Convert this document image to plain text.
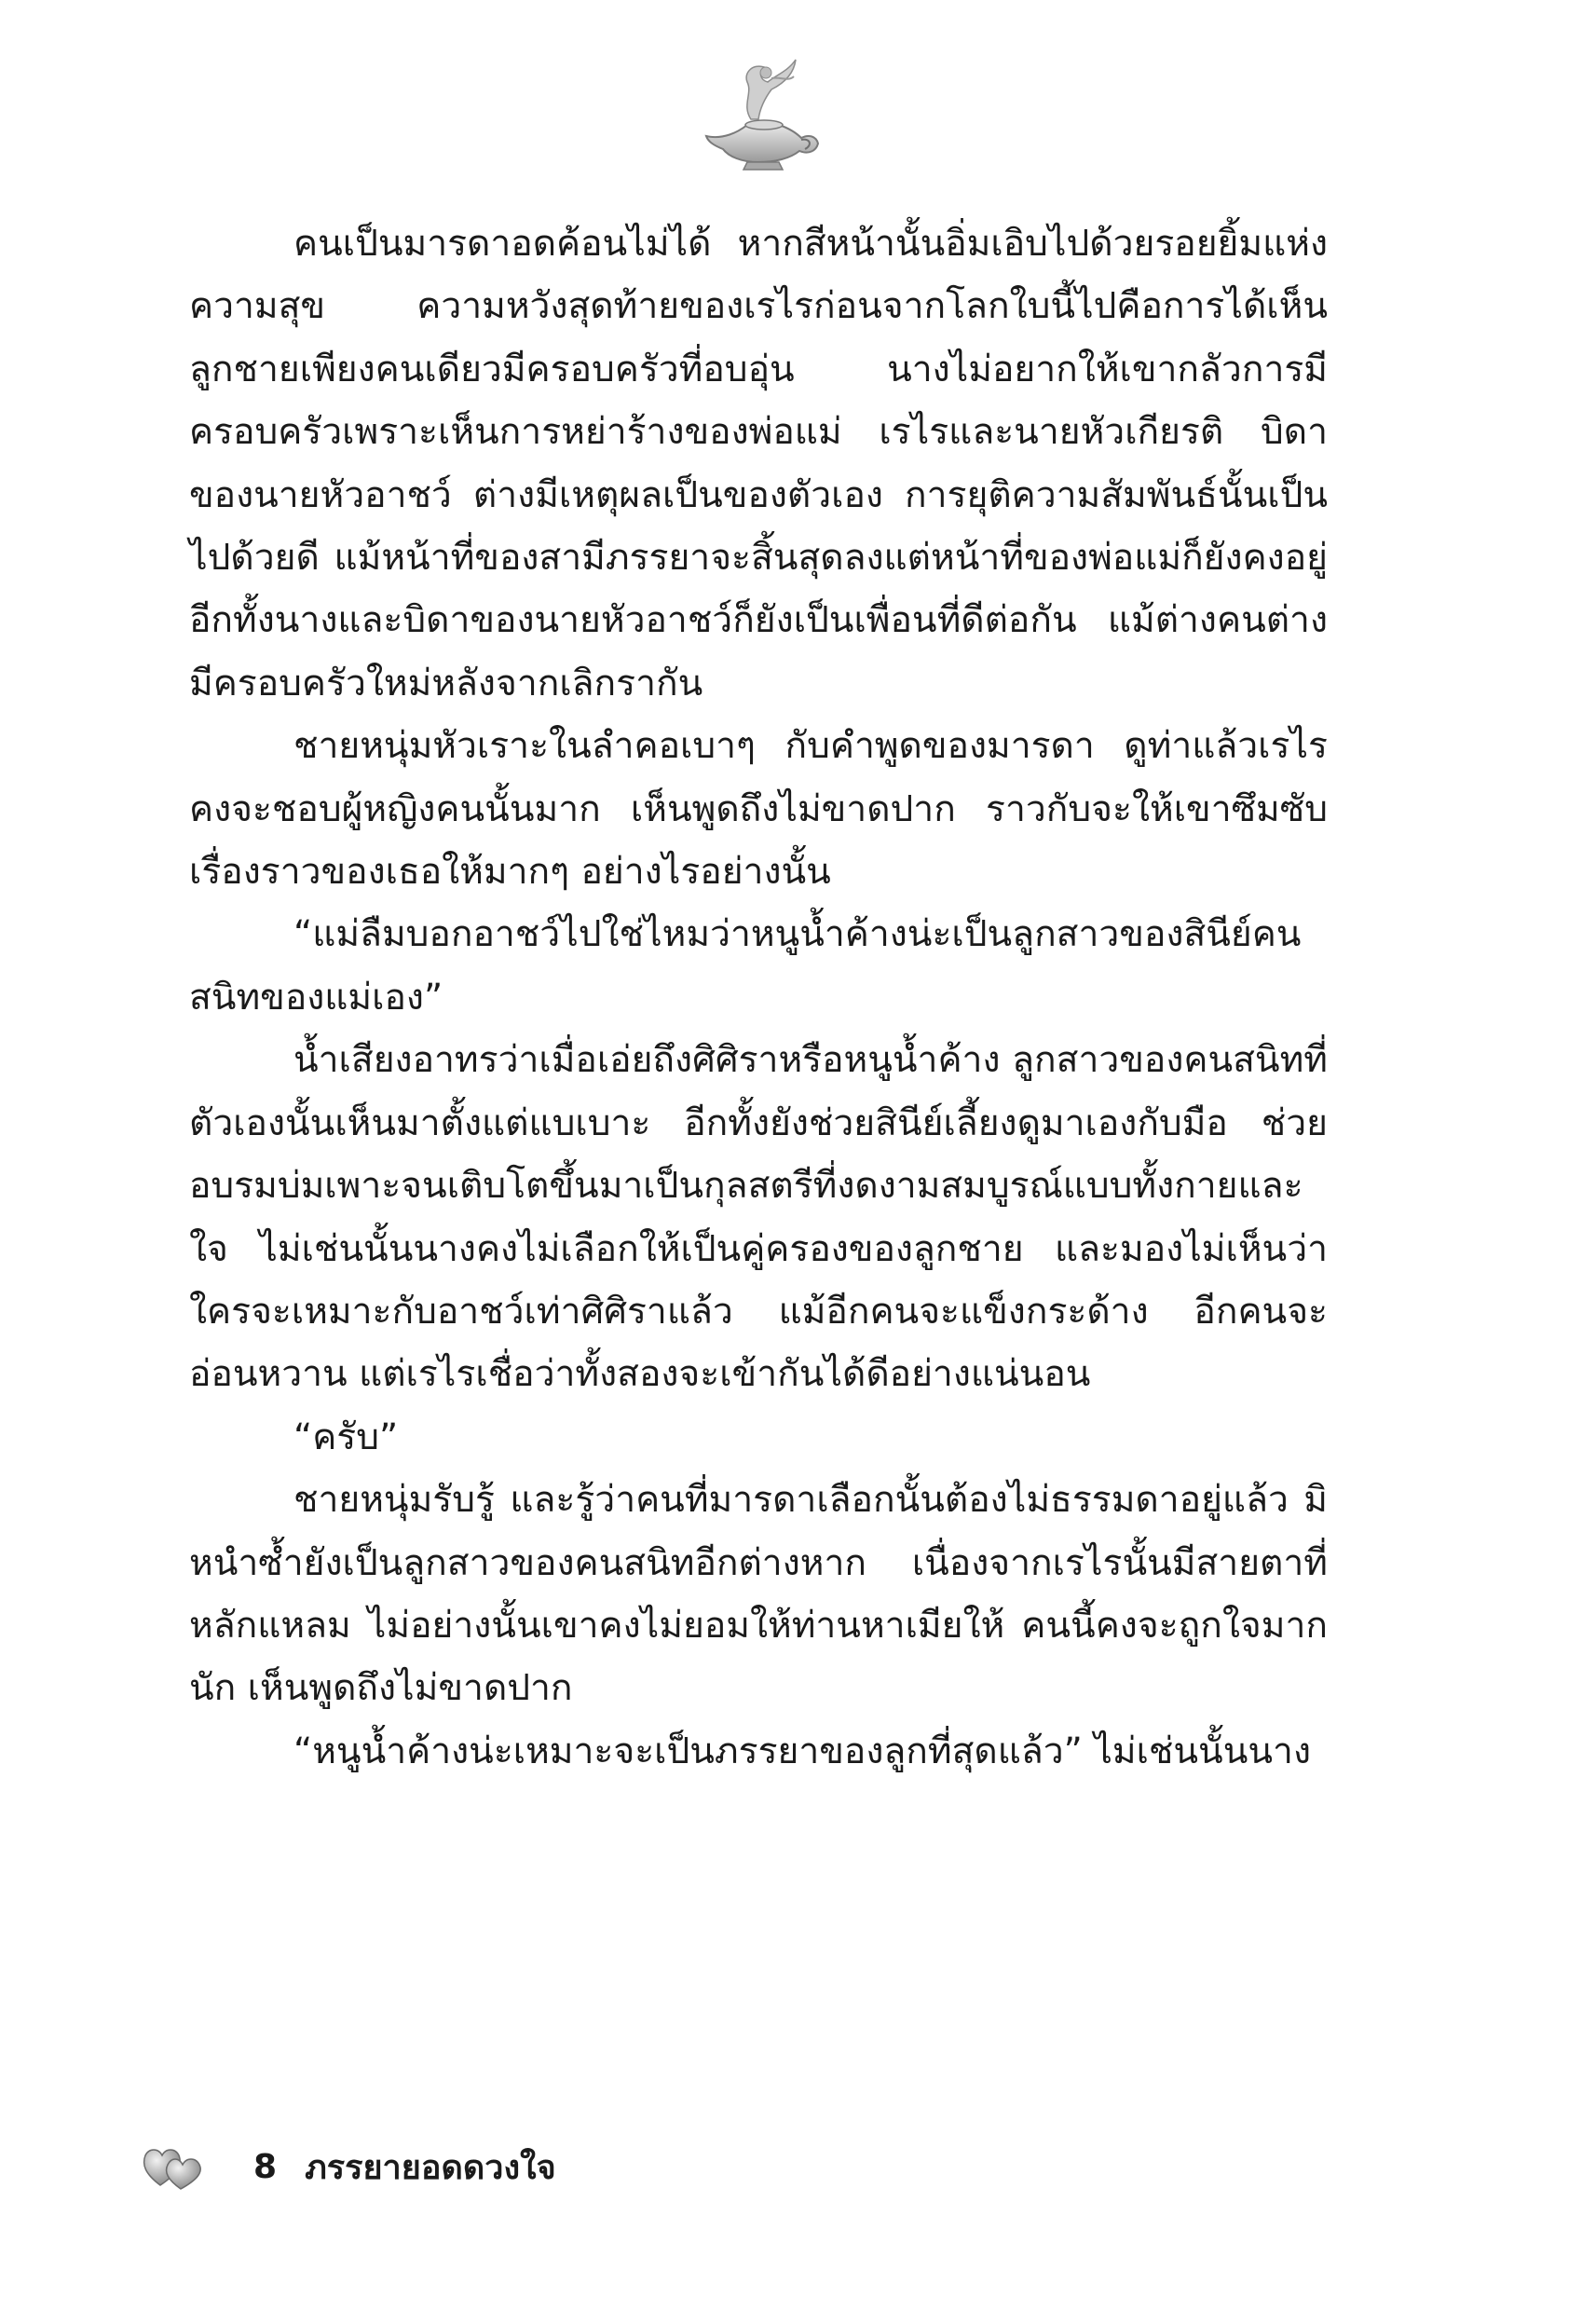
คนเป็นมารดาอดค้อนไม่ได้ หากสีหน้านั้นอิ่มเอิบไปด้วยรอยยิ้มแห่งความสุข ความหวังสุดท้ายของเรไรก่อนจากโลกใบนี้ไปคือการได้เห็นลูกชายเพียงคนเดียวมีครอบครัวที่อบอุ่น นางไม่อยากให้เขากลัวการมีครอบครัวเพราะเห็นการหย่าร้างของพ่อแม่ เรไรและนายหัวเกียรติ บิดาของนายหัวอาชว์ ต่างมีเหตุผลเป็นของตัวเอง การยุติความสัมพันธ์นั้นเป็นไปด้วยดี แม้หน้าที่ของสามีภรรยาจะสิ้นสุดลงแต่หน้าที่ของพ่อแม่ก็ยังคงอยู่ อีกทั้งนางและบิดาของนายหัวอาชว์ก็ยังเป็นเพื่อนที่ดีต่อกัน แม้ต่างคนต่างมีครอบครัวใหม่หลังจากเลิกรากัน

ชายหนุ่มหัวเราะในลำคอเบาๆ กับคำพูดของมารดา ดูท่าแล้วเรไรคงจะชอบผู้หญิงคนนั้นมาก เห็นพูดถึงไม่ขาดปาก ราวกับจะให้เขาซึมซับเรื่องราวของเธอให้มากๆ อย่างไรอย่างนั้น

“แม่ลืมบอกอาชว์ไปใช่ไหมว่าหนูน้ำค้างน่ะเป็นลูกสาวของสินีย์คนสนิทของแม่เอง”

น้ำเสียงอาทรว่าเมื่อเอ่ยถึงศิศิราหรือหนูน้ำค้าง ลูกสาวของคนสนิทที่ตัวเองนั้นเห็นมาตั้งแต่แบเบาะ อีกทั้งยังช่วยสินีย์เลี้ยงดูมาเองกับมือ ช่วยอบรมบ่มเพาะจนเติบโตขึ้นมาเป็นกุลสตรีที่งดงามสมบูรณ์แบบทั้งกายและใจ ไม่เช่นนั้นนางคงไม่เลือกให้เป็นคู่ครองของลูกชาย และมองไม่เห็นว่าใครจะเหมาะกับอาชว์เท่าศิศิราแล้ว แม้อีกคนจะแข็งกระด้าง อีกคนจะอ่อนหวาน แต่เรไรเชื่อว่าทั้งสองจะเข้ากันได้ดีอย่างแน่นอน

“ครับ”

ชายหนุ่มรับรู้ และรู้ว่าคนที่มารดาเลือกนั้นต้องไม่ธรรมดาอยู่แล้ว มิหนำซ้ำยังเป็นลูกสาวของคนสนิทอีกต่างหาก เนื่องจากเรไรนั้นมีสายตาที่หลักแหลม ไม่อย่างนั้นเขาคงไม่ยอมให้ท่านหาเมียให้ คนนี้คงจะถูกใจมากนัก เห็นพูดถึงไม่ขาดปาก

“หนูน้ำค้างน่ะเหมาะจะเป็นภรรยาของลูกที่สุดแล้ว” ไม่เช่นนั้นนาง

8 ภรรยายอดดวงใจ
